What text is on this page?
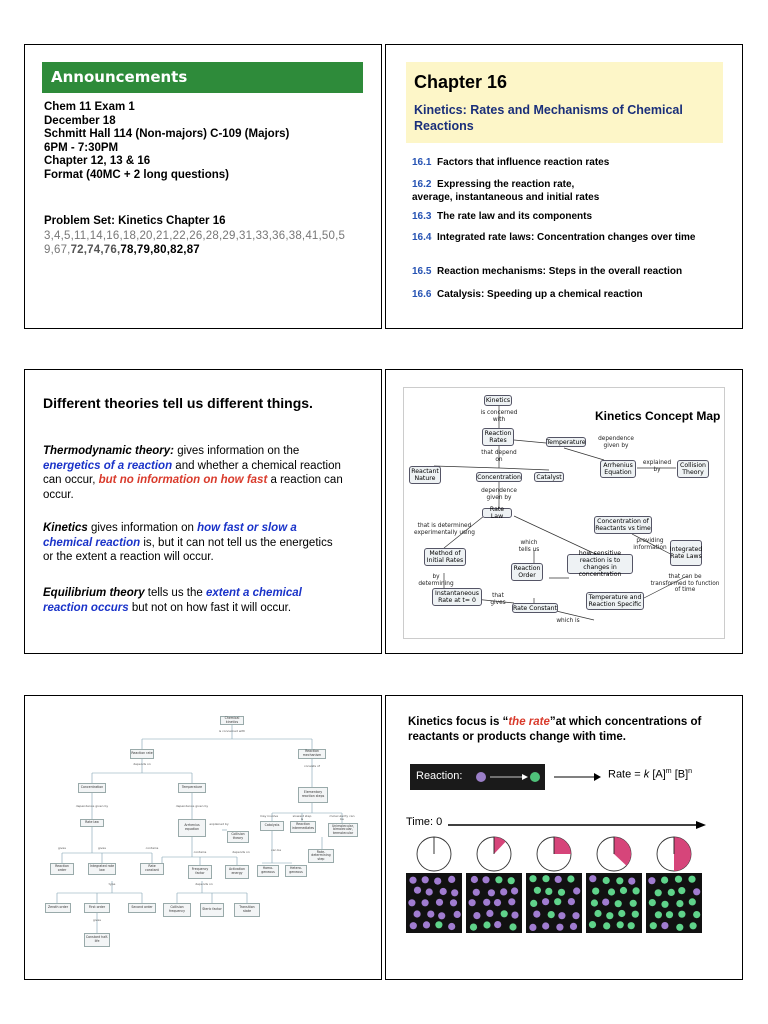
Announcements
Chem 11 Exam 1
December 18
Schmitt Hall 114 (Non-majors) C-109 (Majors)
6PM - 7:30PM
Chapter 12, 13 & 16
Format (40MC + 2 long questions)
Problem Set: Kinetics Chapter 16
3,4,5,11,14,16,18,20,21,22,26,28,29,31,33,36,38,41,50,59,67,72,74,76,78,79,80,82,87
Chapter 16
Kinetics: Rates and Mechanisms of Chemical Reactions
16.1 Factors that influence reaction rates
16.2 Expressing the reaction rate,
average, instantaneous and initial rates
16.3 The rate law and its components
16.4 Integrated rate laws: Concentration changes over time
16.5 Reaction mechanisms: Steps in the overall reaction
16.6 Catalysis: Speeding up a chemical reaction
Different theories tell us different things.
Thermodynamic theory: gives information on the energetics of a reaction and whether a chemical reaction can occur, but no information on how fast a reaction can occur.
Kinetics gives information on how fast or slow a chemical reaction is, but it can not tell us the energetics or the extent a reaction will occur.
Equilibrium theory tells us the extent a chemical reaction occurs but not on how fast it will occur.
Kinetics Concept Map
Kinetics
is concerned with
Reaction Rates	Temperature
that depend on
Reactant Nature	Concentration	Catalyst
dependence given by
Arrhenius Equation
explained by
Collision Theory
dependence given by
Rate Law
Concentration of Reactants vs time
that is determined experimentally using
which tells us
providing information
Method of Initial Rates
Integrated Rate Laws
Reaction Order
how sensitive reaction is to changes in concentration
by determining
that can be transformed to function of time
Instantaneous Rate at t= 0
that gives
Temperature and Reaction Specific
Rate Constant
which is
Chemical kinetics
is concerned with
Reaction rate	Reaction mechanism
depends on	consists of
Concentration	Temperature
Elementary reaction steps
dependence given by	dependence given by
may involve	slowest step is
molecularity can be
Rate law
Arrhenius equation
explained by
Collision theory
Catalysts	Reaction intermediates
Unimolecular, bimolecular, termolecular
Rate-determining step
gives	gives	contains
contains	can be
depends on
Reaction order
Integrated rate law
Rate constant	Frequency factor
Activation energy
Homo-geneous
Hetero-geneous
type	depends on
Zeroth order	First order	Second order	Collision frequency	Steric factor	Transition state
gives
Constant half-life
Kinetics focus is “the rate”at which concentrations of reactants or products change with time.
Reaction:	Rate = k $[A]^m$ $[B]^n$
Time: 0
